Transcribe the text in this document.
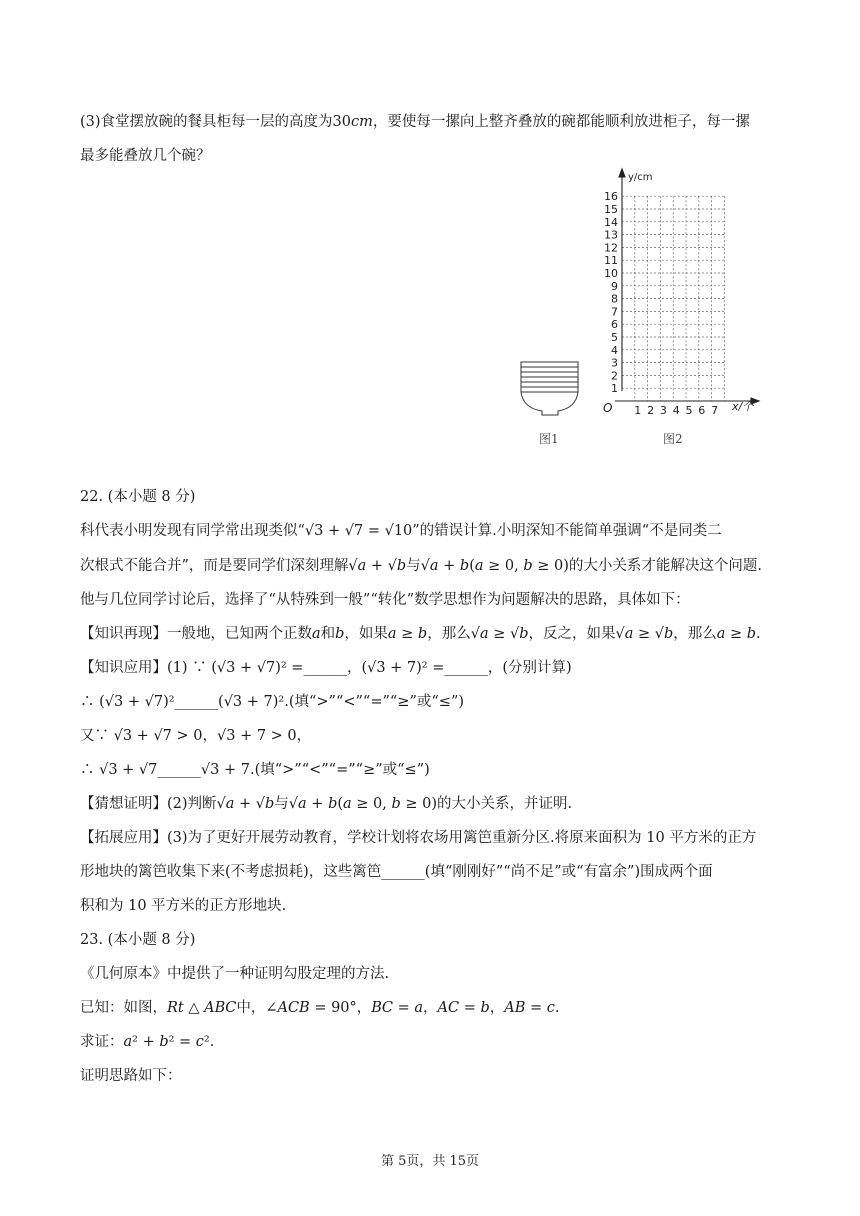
(3)食堂摆放碗的餐具柜每一层的高度为30𝑐𝑚，要使每一摞向上整齐叠放的碗都能顺利放进柜子，每一摞
最多能叠放几个碗？
图1
y/cm
x/个
O
1
2
3
4
5
6
7
8
9
10
11
12
13
14
15
16
1 2 3 4 5 6 7
图2
22. (本小题 8 分)
科代表小明发现有同学常出现类似“√3 + √7 = √10”的错误计算.小明深知不能简单强调“不是同类二
次根式不能合并”，而是要同学们深刻理解√𝑎 + √𝑏与√𝑎 + 𝑏(𝑎 ≥ 0, 𝑏 ≥ 0)的大小关系才能解决这个问题.
他与几位同学讨论后，选择了“从特殊到一般”“转化”数学思想作为问题解决的思路，具体如下：
【知识再现】一般地，已知两个正数𝑎和𝑏，如果𝑎 ≥ 𝑏，那么√𝑎 ≥ √𝑏，反之，如果√𝑎 ≥ √𝑏，那么𝑎 ≥ 𝑏.
【知识应用】(1) ∵ (√3 + √7)² =______，(√3 + 7)² =______，(分别计算)
∴ (√3 + √7)²______(√3 + 7)².(填“>”“<”“=”“≥”或“≤”)
又∵ √3 + √7 > 0，√3 + 7 > 0，
∴ √3 + √7______√3 + 7.(填“>”“<”“=”“≥”或“≤”)
【猜想证明】(2)判断√𝑎 + √𝑏与√𝑎 + 𝑏(𝑎 ≥ 0, 𝑏 ≥ 0)的大小关系，并证明.
【拓展应用】(3)为了更好开展劳动教育，学校计划将农场用篱笆重新分区.将原来面积为 10 平方米的正方
形地块的篱笆收集下来(不考虑损耗)，这些篱笆______(填“刚刚好”“尚不足”或“有富余”)围成两个面
积和为 10 平方米的正方形地块.
23. (本小题 8 分)
《几何原本》中提供了一种证明勾股定理的方法.
已知：如图，𝑅𝑡 △ 𝐴𝐵𝐶中，∠𝐴𝐶𝐵 = 90°，𝐵𝐶 = 𝑎，𝐴𝐶 = 𝑏，𝐴𝐵 = 𝑐.
求证：𝑎² + 𝑏² = 𝑐².
证明思路如下：
第 5页，共 15页
